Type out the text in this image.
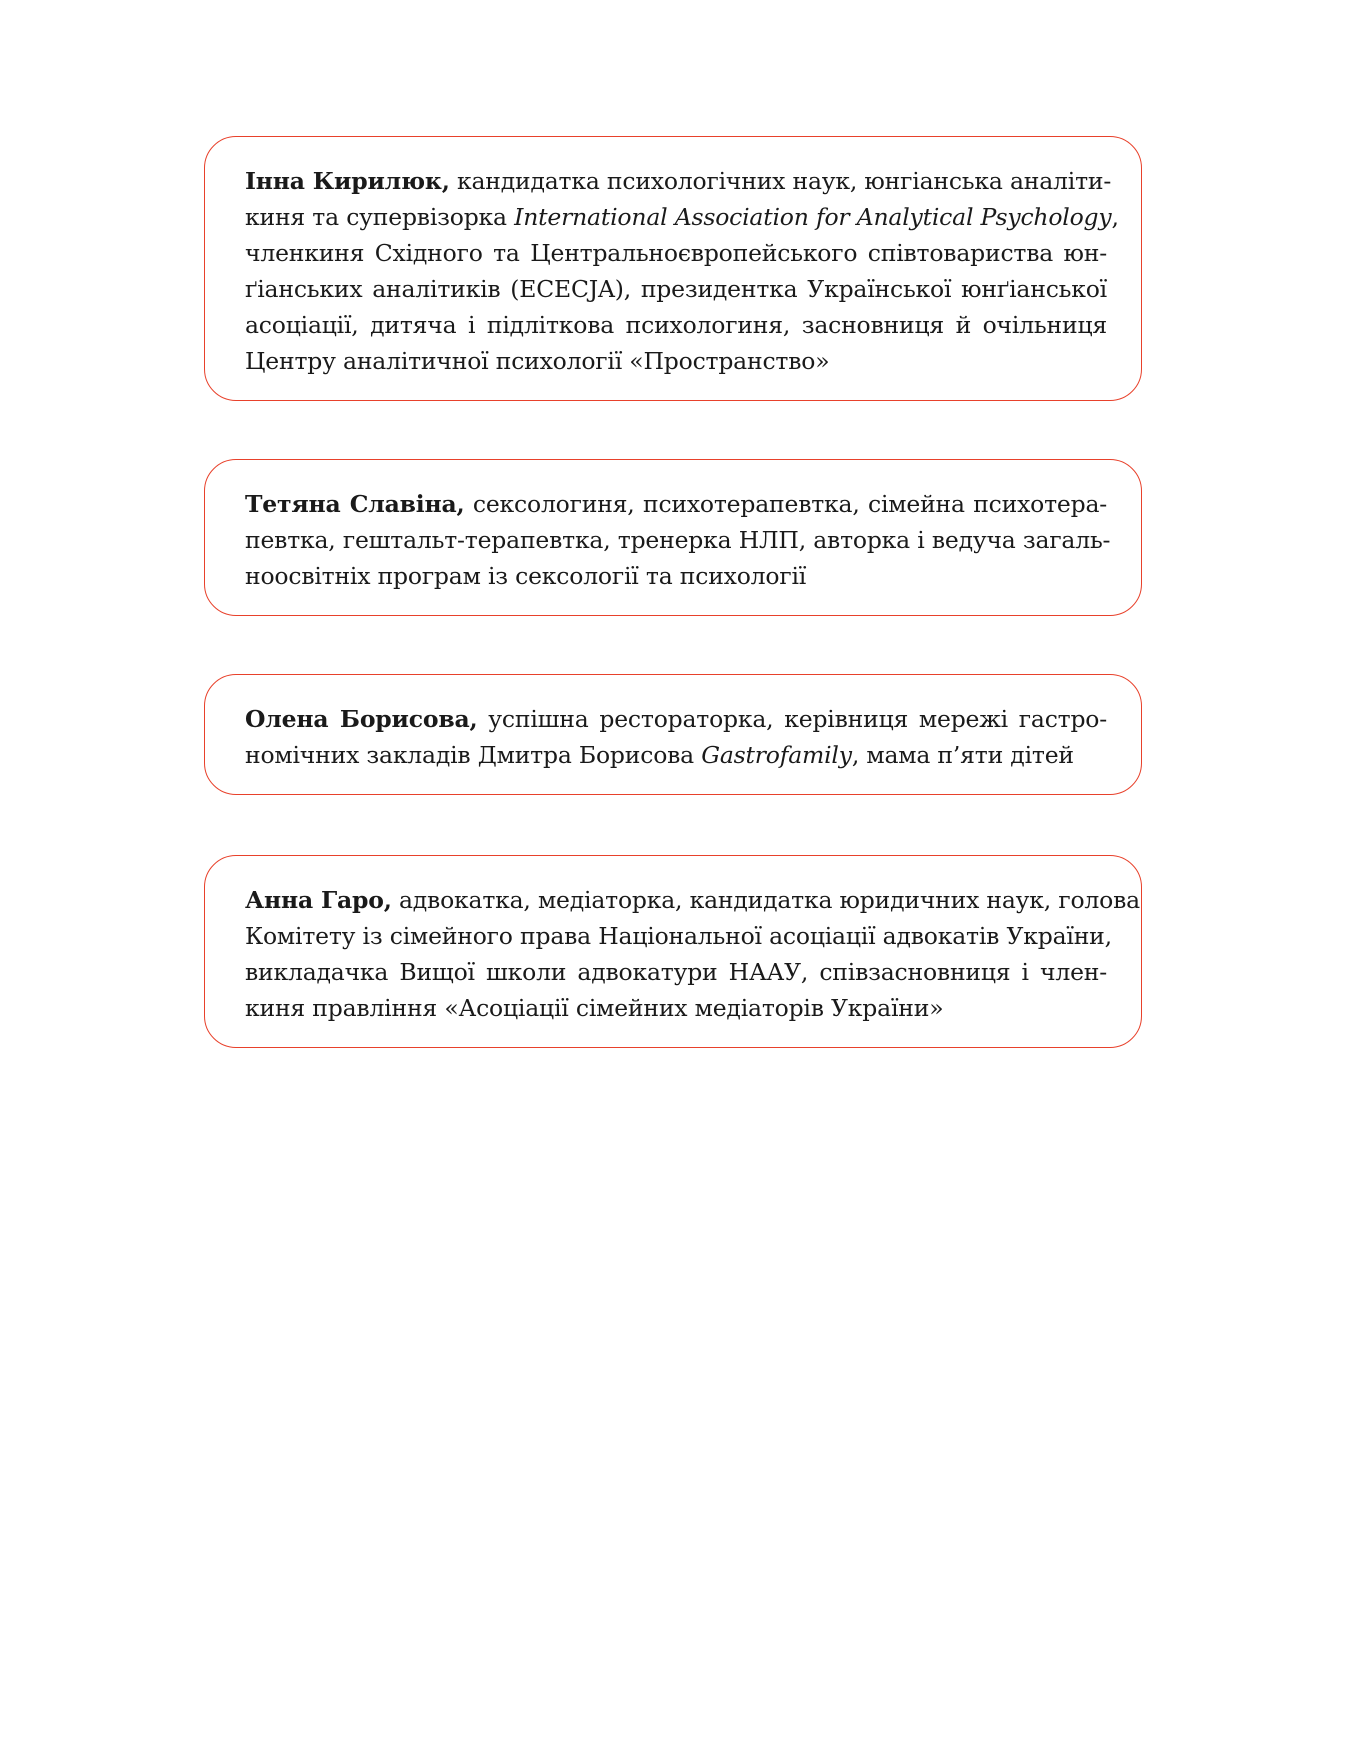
Інна Кирилюк, кандидатка психологічних наук, юнгіанська аналіти-
киня та супервізорка International Association for Analytical Psychology,
членкиня Східного та Центральноєвропейського співтовариства юн-
ґіанських аналітиків (ECECJA), президентка Української юнґіанської
асоціації, дитяча і підліткова психологиня, засновниця й очільниця
Центру аналітичної психології «Пространство»
Тетяна Славіна, сексологиня, психотерапевтка, сімейна психотера-
певтка, гештальт-терапевтка, тренерка НЛП, авторка і ведуча загаль-
ноосвітніх програм із сексології та психології
Олена Борисова, успішна рестораторка, керівниця мережі гастро-
номічних закладів Дмитра Борисова Gastrofamily, мама п’яти дітей
Анна Гаро, адвокатка, медіаторка, кандидатка юридичних наук, голова
Комітету із сімейного права Національної асоціації адвокатів України,
викладачка Вищої школи адвокатури НААУ, співзасновниця і член-
киня правління «Асоціації сімейних медіаторів України»
